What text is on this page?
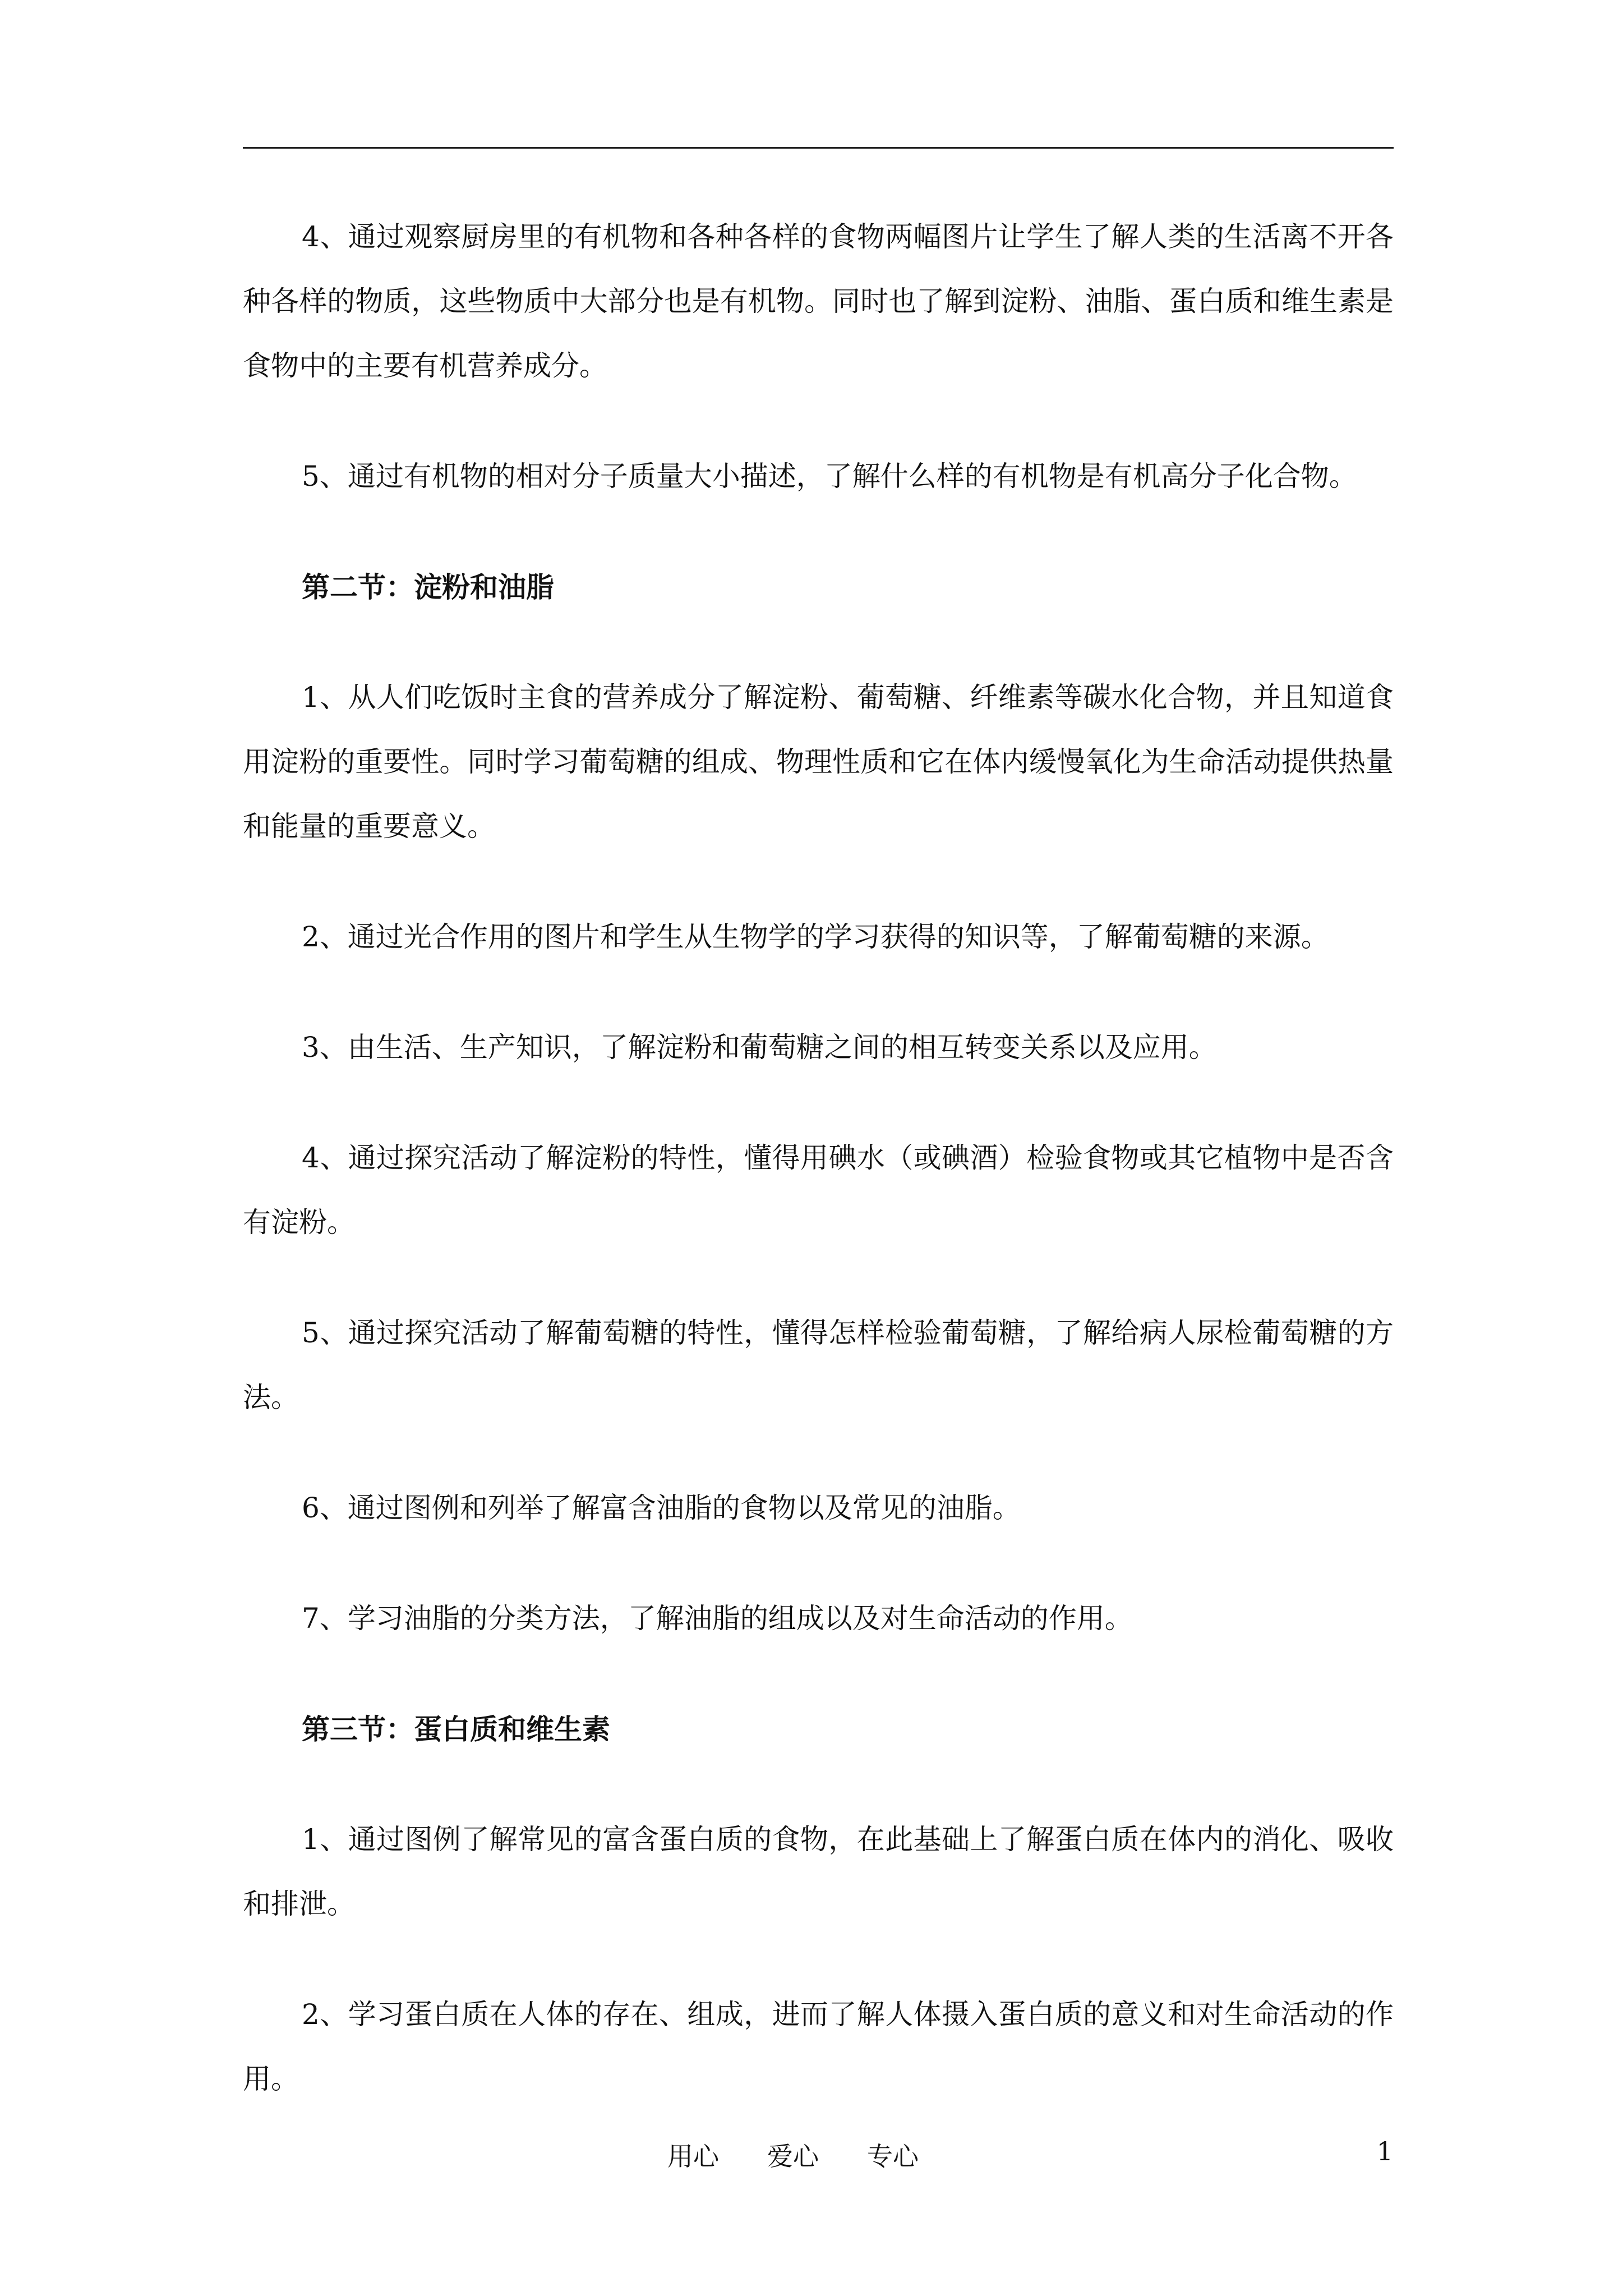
4、通过观察厨房里的有机物和各种各样的食物两幅图片让学生了解人类的生活离不开各种各样的物质，这些物质中大部分也是有机物。同时也了解到淀粉、油脂、蛋白质和维生素是食物中的主要有机营养成分。

5、通过有机物的相对分子质量大小描述，了解什么样的有机物是有机高分子化合物。

第二节：淀粉和油脂

1、从人们吃饭时主食的营养成分了解淀粉、葡萄糖、纤维素等碳水化合物，并且知道食用淀粉的重要性。同时学习葡萄糖的组成、物理性质和它在体内缓慢氧化为生命活动提供热量和能量的重要意义。

2、通过光合作用的图片和学生从生物学的学习获得的知识等，了解葡萄糖的来源。

3、由生活、生产知识，了解淀粉和葡萄糖之间的相互转变关系以及应用。

4、通过探究活动了解淀粉的特性，懂得用碘水（或碘酒）检验食物或其它植物中是否含有淀粉。

5、通过探究活动了解葡萄糖的特性，懂得怎样检验葡萄糖，了解给病人尿检葡萄糖的方法。

6、通过图例和列举了解富含油脂的食物以及常见的油脂。

7、学习油脂的分类方法，了解油脂的组成以及对生命活动的作用。

第三节：蛋白质和维生素

1、通过图例了解常见的富含蛋白质的食物，在此基础上了解蛋白质在体内的消化、吸收和排泄。

2、学习蛋白质在人体的存在、组成，进而了解人体摄入蛋白质的意义和对生命活动的作用。

用心 爱心 专心	1
